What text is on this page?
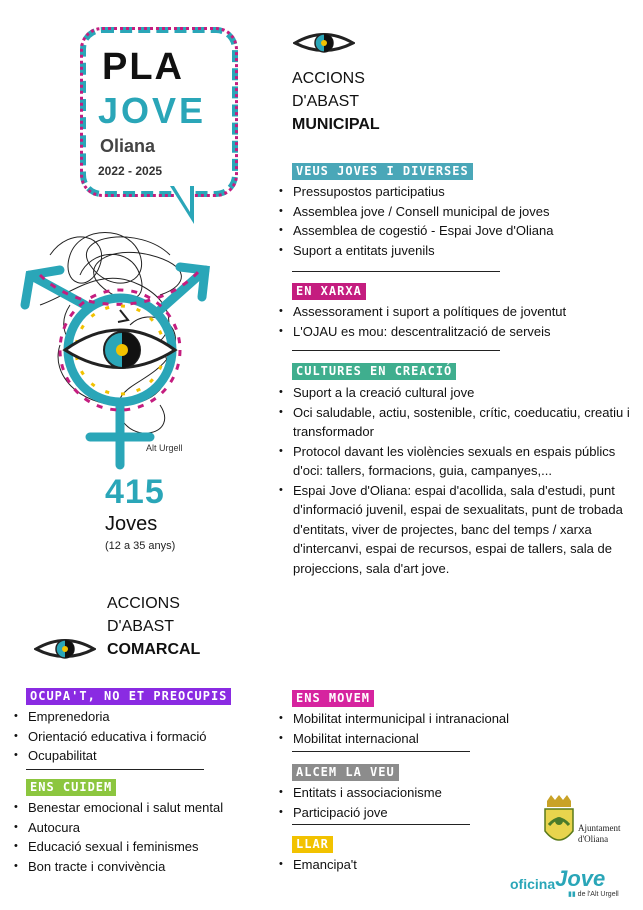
PLA
JOVE
Oliana
2022 - 2025
Alt Urgell
415
Joves
(12 a 35 anys)
ACCIONS
D'ABAST
MUNICIPAL
VEUS JOVES I DIVERSES
• Pressupostos participatius
• Assemblea jove / Consell municipal de joves
• Assemblea de cogestió - Espai Jove d'Oliana
• Suport a entitats juvenils
EN XARXA
• Assessorament i suport a polítiques de joventut
• L'OJAU es mou: descentralització de serveis
CULTURES EN CREACIÓ
• Suport a la creació cultural jove
• Oci saludable, actiu, sostenible, crític, coeducatiu, creatiu i transformador
• Protocol davant les violències sexuals en espais públics d'oci: tallers, formacions, guia, campanyes,...
• Espai Jove d'Oliana: espai d'acollida, sala d'estudi, punt d'informació juvenil, espai de sexualitats, punt de trobada d'entitats, viver de projectes, banc del temps / xarxa d'intercanvi, espai de recursos, espai de tallers, sala de projeccions, sala d'art jove.
ACCIONS
D'ABAST
COMARCAL
OCUPA'T, NO ET PREOCUPIS
• Emprenedoria
• Orientació educativa i formació
• Ocupabilitat
ENS CUIDEM
• Benestar emocional i salut mental
• Autocura
• Educació sexual i feminismes
• Bon tracte i convivència
ENS MOVEM
• Mobilitat intermunicipal i intranacional
• Mobilitat internacional
ALCEM LA VEU
• Entitats i associacionisme
• Participació jove
LLAR
• Emancipa't
Ajuntament
d'Oliana
oficinaJove
▮▮ de l'Alt Urgell
